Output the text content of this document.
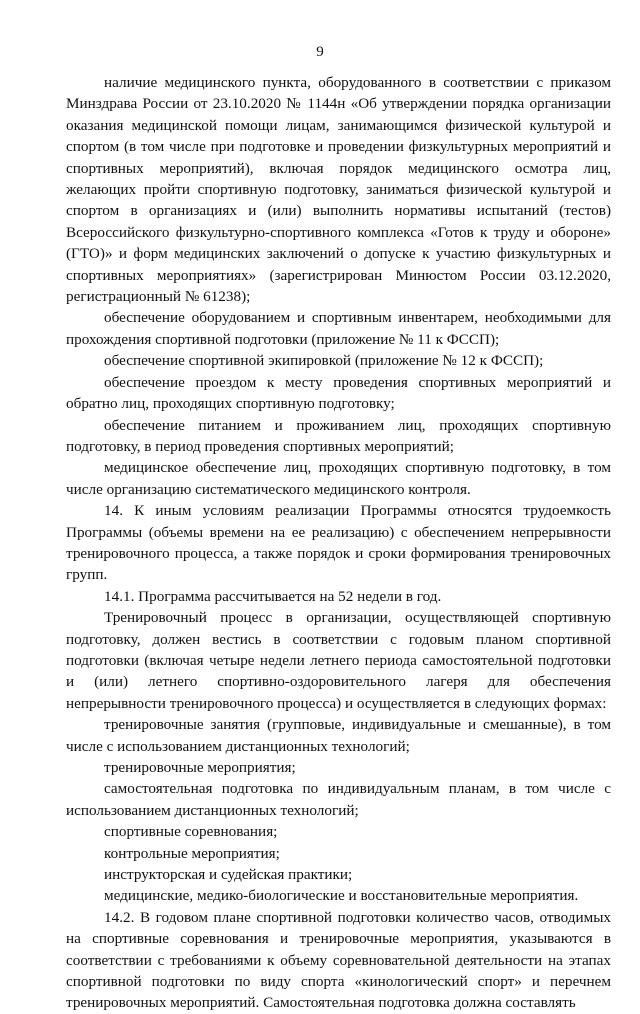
9

наличие медицинского пункта, оборудованного в соответствии с приказом Минздрава России от 23.10.2020 № 1144н «Об утверждении порядка организации оказания медицинской помощи лицам, занимающимся физической культурой и спортом (в том числе при подготовке и проведении физкультурных мероприятий и спортивных мероприятий), включая порядок медицинского осмотра лиц, желающих пройти спортивную подготовку, заниматься физической культурой и спортом в организациях и (или) выполнить нормативы испытаний (тестов) Всероссийского физкультурно-спортивного комплекса «Готов к труду и обороне» (ГТО)» и форм медицинских заключений о допуске к участию физкультурных и спортивных мероприятиях» (зарегистрирован Минюстом России 03.12.2020, регистрационный № 61238);

обеспечение оборудованием и спортивным инвентарем, необходимыми для прохождения спортивной подготовки (приложение № 11 к ФССП);

обеспечение спортивной экипировкой (приложение № 12 к ФССП);

обеспечение проездом к месту проведения спортивных мероприятий и обратно лиц, проходящих спортивную подготовку;

обеспечение питанием и проживанием лиц, проходящих спортивную подготовку, в период проведения спортивных мероприятий;

медицинское обеспечение лиц, проходящих спортивную подготовку, в том числе организацию систематического медицинского контроля.

14. К иным условиям реализации Программы относятся трудоемкость Программы (объемы времени на ее реализацию) с обеспечением непрерывности тренировочного процесса, а также порядок и сроки формирования тренировочных групп.

14.1. Программа рассчитывается на 52 недели в год.

Тренировочный процесс в организации, осуществляющей спортивную подготовку, должен вестись в соответствии с годовым планом спортивной подготовки (включая четыре недели летнего периода самостоятельной подготовки и (или) летнего спортивно-оздоровительного лагеря для обеспечения непрерывности тренировочного процесса) и осуществляется в следующих формах:

тренировочные занятия (групповые, индивидуальные и смешанные), в том числе с использованием дистанционных технологий;

тренировочные мероприятия;

самостоятельная подготовка по индивидуальным планам, в том числе с использованием дистанционных технологий;

спортивные соревнования;

контрольные мероприятия;

инструкторская и судейская практики;

медицинские, медико-биологические и восстановительные мероприятия.

14.2. В годовом плане спортивной подготовки количество часов, отводимых на спортивные соревнования и тренировочные мероприятия, указываются в соответствии с требованиями к объему соревновательной деятельности на этапах спортивной подготовки по виду спорта «кинологический спорт» и перечнем тренировочных мероприятий. Самостоятельная подготовка должна составлять
